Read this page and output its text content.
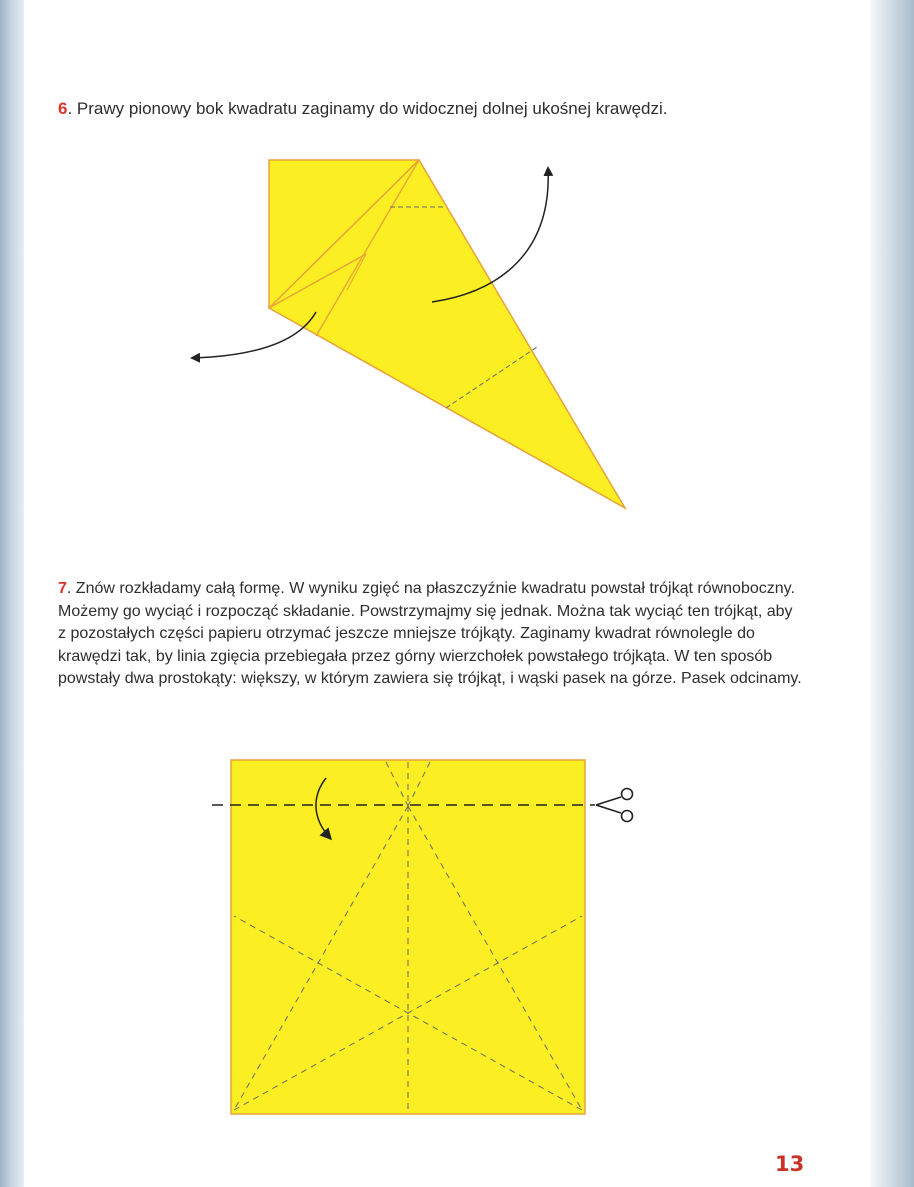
6. Prawy pionowy bok kwadratu zaginamy do widocznej dolnej ukośnej krawędzi.

7. Znów rozkładamy całą formę. W wyniku zgięć na płaszczyźnie kwadratu powstał trójkąt równoboczny. Możemy go wyciąć i rozpocząć składanie. Powstrzymajmy się jednak. Można tak wyciąć ten trójkąt, aby z pozostałych części papieru otrzymać jeszcze mniejsze trójkąty. Zaginamy kwadrat równolegle do krawędzi tak, by linia zgięcia przebiegała przez górny wierzchołek powstałego trójkąta. W ten sposób powstały dwa prostokąty: większy, w którym zawiera się trójkąt, i wąski pasek na górze. Pasek odcinamy.

13
